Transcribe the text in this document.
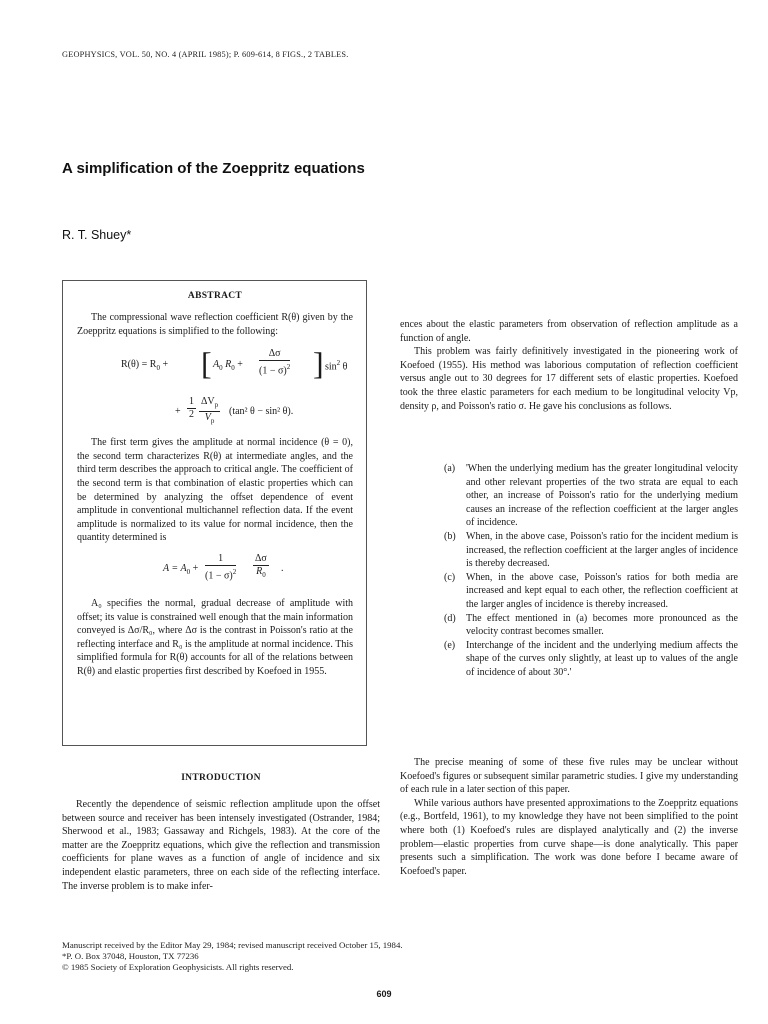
GEOPHYSICS, VOL. 50, NO. 4 (APRIL 1985); P. 609-614, 8 FIGS., 2 TABLES.
A simplification of the Zoeppritz equations
R. T. Shuey*
ABSTRACT

The compressional wave reflection coefficient R(θ) given by the Zoeppritz equations is simplified to the following:

$R(\theta) = R_0$ + [ $A_0$ $R_0 + \frac{\Delta\sigma}{(1 - \sigma)^2}$ ] $\sin^2 \theta$
+ $\frac{1}{2} \Delta V_p$
$V_p$
(tan² θ − sin² θ).

The first term gives the amplitude at normal incidence (θ = 0), the second term characterizes R(θ) at intermediate angles, and the third term describes the approach to critical angle. The coefficient of the second term is that combination of elastic properties which can be determined by analyzing the offset dependence of event amplitude in conventional multichannel reflection data. If the event amplitude is normalized to its value for normal incidence, then the quantity determined is

$A = A_0 + \frac{1}{(1 - \sigma)^2} \frac{\Delta\sigma}{R_0}$ .

A₀ specifies the normal, gradual decrease of amplitude with offset; its value is constrained well enough that the main information conveyed is Δσ/R₀, where Δσ is the contrast in Poisson's ratio at the reflecting interface and R₀ is the amplitude at normal incidence. This simplified formula for R(θ) accounts for all of the relations between R(θ) and elastic properties first described by Koefoed in 1955.

INTRODUCTION

Recently the dependence of seismic reflection amplitude upon the offset between source and receiver has been intensely investigated (Ostrander, 1984; Sherwood et al., 1983; Gassaway and Richgels, 1983). At the core of the matter are the Zoeppritz equations, which give the reflection and transmission coefficients for plane waves as a function of angle of incidence and six independent elastic parameters, three on each side of the reflecting interface. The inverse problem is to make infer-

ences about the elastic parameters from observation of reflection amplitude as a function of angle.

This problem was fairly definitively investigated in the pioneering work of Koefoed (1955). His method was laborious computation of reflection coefficient versus angle out to 30 degrees for 17 different sets of elastic properties. Koefoed took the three elastic parameters for each medium to be longitudinal velocity Vp, density ρ, and Poisson's ratio σ. He gave his conclusions as follows.

(a)	'When the underlying medium has the greater longitudinal velocity and other relevant properties of the two strata are equal to each other, an increase of Poisson's ratio for the underlying medium causes an increase of the reflection coefficient at the larger angles of incidence.
(b)	When, in the above case, Poisson's ratio for the incident medium is increased, the reflection coefficient at the larger angles of incidence is thereby decreased.
(c)	When, in the above case, Poisson's ratios for both media are increased and kept equal to each other, the reflection coefficient at the larger angles of incidence is thereby increased.
(d)	The effect mentioned in (a) becomes more pronounced as the velocity contrast becomes smaller.
(e)	Interchange of the incident and the underlying medium affects the shape of the curves only slightly, at least up to values of the angle of incidence of about 30°.'

The precise meaning of some of these five rules may be unclear without Koefoed's figures or subsequent similar parametric studies. I give my understanding of each rule in a later section of this paper.

While various authors have presented approximations to the Zoeppritz equations (e.g., Bortfeld, 1961), to my knowledge they have not been simplified to the point where both (1) Koefoed's rules are displayed analytically and (2) the inverse problem—elastic properties from curve shape—is done analytically. This paper presents such a simplification. The work was done before I became aware of Koefoed's paper.

Manuscript received by the Editor May 29, 1984; revised manuscript received October 15, 1984.
*P. O. Box 37048, Houston, TX 77236
© 1985 Society of Exploration Geophysicists. All rights reserved.
609
